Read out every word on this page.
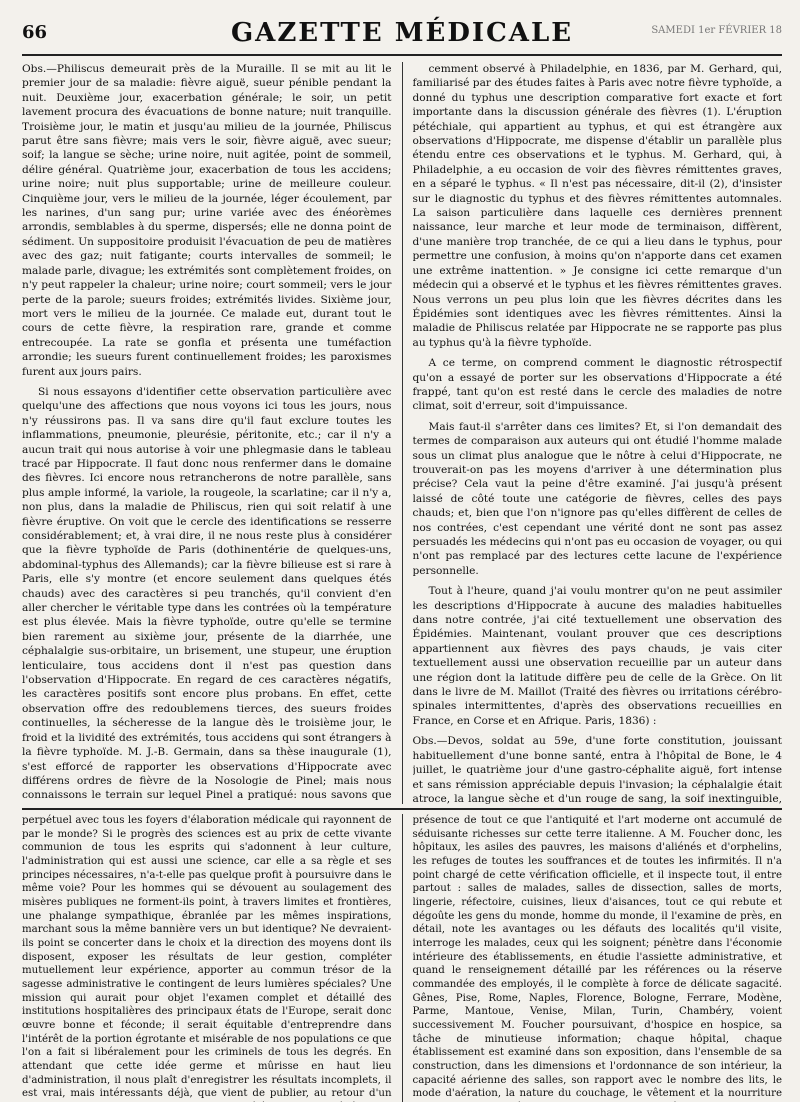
66	GAZETTE MÉDICALE	SAMEDI 1er FÉVRIER 18

Obs.—Philiscus demeurait près de la Muraille. Il se mit au lit le premier jour de sa maladie: fièvre aiguë, sueur pénible pendant la nuit. Deuxième jour, exacerbation générale; le soir, un petit lavement procura des évacuations de bonne nature; nuit tranquille. Troisième jour, le matin et jusqu'au milieu de la journée, Philiscus parut être sans fièvre; mais vers le soir, fièvre aiguë, avec sueur; soif; la langue se sèche; urine noire, nuit agitée, point de sommeil, délire général. Quatrième jour, exacerbation de tous les accidens; urine noire; nuit plus supportable; urine de meilleure couleur. Cinquième jour, vers le milieu de la journée, léger écoulement, par les narines, d'un sang pur; urine variée avec des énéorèmes arrondis, semblables à du sperme, dispersés; elle ne donna point de sédiment. Un suppositoire produisit l'évacuation de peu de matières avec des gaz; nuit fatigante; courts intervalles de sommeil; le malade parle, divague; les extrémités sont complètement froides, on n'y peut rappeler la chaleur; urine noire; court sommeil; vers le jour perte de la parole; sueurs froides; extrémités livides. Sixième jour, mort vers le milieu de la journée. Ce malade eut, durant tout le cours de cette fièvre, la respiration rare, grande et comme entrecoupée. La rate se gonfla et présenta une tuméfaction arrondie; les sueurs furent continuellement froides; les paroxismes furent aux jours pairs.

Si nous essayons d'identifier cette observation particulière avec quelqu'une des affections que nous voyons ici tous les jours, nous n'y réussirons pas. Il va sans dire qu'il faut exclure toutes les inflammations, pneumonie, pleurésie, péritonite, etc.; car il n'y a aucun trait qui nous autorise à voir une phlegmasie dans le tableau tracé par Hippocrate. Il faut donc nous renfermer dans le domaine des fièvres. Ici encore nous retrancherons de notre parallèle, sans plus ample informé, la variole, la rougeole, la scarlatine; car il n'y a, non plus, dans la maladie de Philiscus, rien qui soit relatif à une fièvre éruptive. On voit que le cercle des identifications se resserre considérablement; et, à vrai dire, il ne nous reste plus à considérer que la fièvre typhoïde de Paris (dothinentérie de quelques-uns, abdominal-typhus des Allemands); car la fièvre bilieuse est si rare à Paris, elle s'y montre (et encore seulement dans quelques étés chauds) avec des caractères si peu tranchés, qu'il convient d'en aller chercher le véritable type dans les contrées où la température est plus élevée. Mais la fièvre typhoïde, outre qu'elle se termine bien rarement au sixième jour, présente de la diarrhée, une céphalalgie sus-orbitaire, un brisement, une stupeur, une éruption lenticulaire, tous accidens dont il n'est pas question dans l'observation d'Hippocrate. En regard de ces caractères négatifs, les caractères positifs sont encore plus probans. En effet, cette observation offre des redoublemens tierces, des sueurs froides continuelles, la sécheresse de la langue dès le troisième jour, le froid et la lividité des extrémités, tous accidens qui sont étrangers à la fièvre typhoïde. M. J.-B. Germain, dans sa thèse inaugurale (1), s'est efforcé de rapporter les observations d'Hippocrate avec différens ordres de fièvre de la Nosologie de Pinel; mais nous connaissons le terrain sur lequel Pinel a pratiqué: nous savons que

cemment observé à Philadelphie, en 1836, par M. Gerhard, qui, familiarisé par des études faites à Paris avec notre fièvre typhoïde, a donné du typhus une description comparative fort exacte et fort importante dans la discussion générale des fièvres (1). L'éruption pétéchiale, qui appartient au typhus, et qui est étrangère aux observations d'Hippocrate, me dispense d'établir un parallèle plus étendu entre ces observations et le typhus. M. Gerhard, qui, à Philadelphie, a eu occasion de voir des fièvres rémittentes graves, en a séparé le typhus. « Il n'est pas nécessaire, dit-il (2), d'insister sur le diagnostic du typhus et des fièvres rémittentes automnales. La saison particulière dans laquelle ces dernières prennent naissance, leur marche et leur mode de terminaison, diffèrent, d'une manière trop tranchée, de ce qui a lieu dans le typhus, pour permettre une confusion, à moins qu'on n'apporte dans cet examen une extrême inattention. » Je consigne ici cette remarque d'un médecin qui a observé et le typhus et les fièvres rémittentes graves. Nous verrons un peu plus loin que les fièvres décrites dans les Épidémies sont identiques avec les fièvres rémittentes. Ainsi la maladie de Philiscus relatée par Hippocrate ne se rapporte pas plus au typhus qu'à la fièvre typhoïde.

A ce terme, on comprend comment le diagnostic rétrospectif qu'on a essayé de porter sur les observations d'Hippocrate a été frappé, tant qu'on est resté dans le cercle des maladies de notre climat, soit d'erreur, soit d'impuissance.

Mais faut-il s'arrêter dans ces limites? Et, si l'on demandait des termes de comparaison aux auteurs qui ont étudié l'homme malade sous un climat plus analogue que le nôtre à celui d'Hippocrate, ne trouverait-on pas les moyens d'arriver à une détermination plus précise? Cela vaut la peine d'être examiné. J'ai jusqu'à présent laissé de côté toute une catégorie de fièvres, celles des pays chauds; et, bien que l'on n'ignore pas qu'elles diffèrent de celles de nos contrées, c'est cependant une vérité dont ne sont pas assez persuadés les médecins qui n'ont pas eu occasion de voyager, ou qui n'ont pas remplacé par des lectures cette lacune de l'expérience personnelle.

Tout à l'heure, quand j'ai voulu montrer qu'on ne peut assimiler les descriptions d'Hippocrate à aucune des maladies habituelles dans notre contrée, j'ai cité textuellement une observation des Épidémies. Maintenant, voulant prouver que ces descriptions appartiennent aux fièvres des pays chauds, je vais citer textuellement aussi une observation recueillie par un auteur dans une région dont la latitude diffère peu de celle de la Grèce. On lit dans le livre de M. Maillot (Traité des fièvres ou irritations cérébro-spinales intermittentes, d'après des observations recueillies en France, en Corse et en Afrique. Paris, 1836) :

Obs.—Devos, soldat au 59e, d'une forte constitution, jouissant habituellement d'une bonne santé, entra à l'hôpital de Bone, le 4 juillet, le quatrième jour d'une gastro-céphalite aiguë, fort intense et sans rémission appréciable depuis l'invasion; la céphalalgie était atroce, la langue sèche et d'un rouge de sang, la soif inextinguible,

perpétuel avec tous les foyers d'élaboration médicale qui rayonnent de par le monde? Si le progrès des sciences est au prix de cette vivante communion de tous les esprits qui s'adonnent à leur culture, l'administration qui est aussi une science, car elle a sa règle et ses principes nécessaires, n'a-t-elle pas quelque profit à poursuivre dans le même voie? Pour les hommes qui se dévouent au soulagement des misères publiques ne forment-ils point, à travers limites et frontières, une phalange sympathique, ébranlée par les mêmes inspirations, marchant sous la même bannière vers un but identique? Ne devraient-ils point se concerter dans le choix et la direction des moyens dont ils disposent, exposer les résultats de leur gestion, compléter mutuellement leur expérience, apporter au commun trésor de la sagesse administrative le contingent de leurs lumières spéciales? Une mission qui aurait pour objet l'examen complet et détaillé des institutions hospitalières des principaux états de l'Europe, serait donc œuvre bonne et féconde; il serait équitable d'entreprendre dans l'intérêt de la portion égrotante et misérable de nos populations ce que l'on a fait si libéralement pour les criminels de tous les degrés. En attendant que cette idée germe et mûrisse en haut lieu d'administration, il nous plaît d'enregistrer les résultats incomplets, il est vrai, mais intéressants déjà, que vient de publier, au retour d'un

présence de tout ce que l'antiquité et l'art moderne ont accumulé de séduisante richesses sur cette terre italienne. A M. Foucher donc, les hôpitaux, les asiles des pauvres, les maisons d'aliénés et d'orphelins, les refuges de toutes les souffrances et de toutes les infirmités. Il n'a point chargé de cette vérification officielle, et il inspecte tout, il entre partout : salles de malades, salles de dissection, salles de morts, lingerie, réfectoire, cuisines, lieux d'aisances, tout ce qui rebute et dégoûte les gens du monde, homme du monde, il l'examine de près, en détail, note les avantages ou les défauts des localités qu'il visite, interroge les malades, ceux qui les soignent; pénètre dans l'économie intérieure des établissements, en étudie l'assiette administrative, et quand le renseignement détaillé par les références ou la réserve commandée des employés, il le complète à force de délicate sagacité. Gênes, Pise, Rome, Naples, Florence, Bologne, Ferrare, Modène, Parme, Mantoue, Venise, Milan, Turin, Chambéry, voient successivement M. Foucher poursuivant, d'hospice en hospice, sa tâche de minutieuse information; chaque hôpital, chaque établissement est examiné dans son exposition, dans l'ensemble de sa construction, dans les dimensions et l'ordonnance de son intérieur, la capacité aérienne des salles, son rapport avec le nombre des lits, le mode d'aération, la nature du couchage, le vêtement et la nourriture
